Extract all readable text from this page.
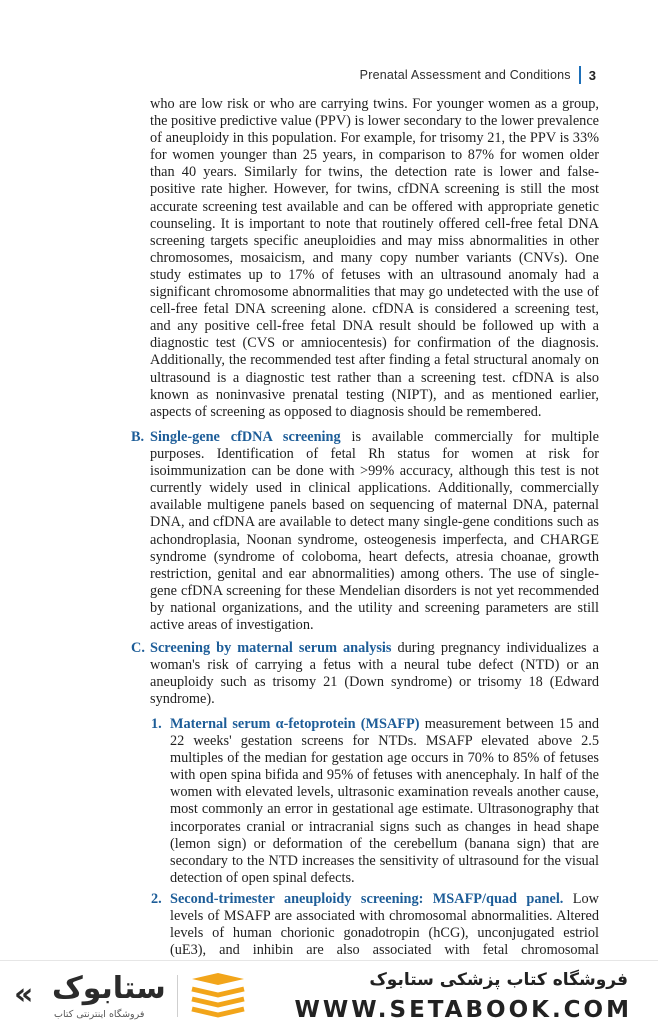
Prenatal Assessment and Conditions 3

who are low risk or who are carrying twins. For younger women as a group, the positive predictive value (PPV) is lower secondary to the lower prevalence of aneuploidy in this population. For example, for trisomy 21, the PPV is 33% for women younger than 25 years, in comparison to 87% for women older than 40 years. Similarly for twins, the detection rate is lower and false-positive rate higher. However, for twins, cfDNA screening is still the most accurate screening test available and can be offered with appropriate genetic counseling. It is important to note that routinely offered cell-free fetal DNA screening targets specific aneuploidies and may miss abnormalities in other chromosomes, mosaicism, and many copy number variants (CNVs). One study estimates up to 17% of fetuses with an ultrasound anomaly had a significant chromosome abnormalities that may go undetected with the use of cell-free fetal DNA screening alone. cfDNA is considered a screening test, and any positive cell-free fetal DNA result should be followed up with a diagnostic test (CVS or amniocentesis) for confirmation of the diagnosis. Additionally, the recommended test after finding a fetal structural anomaly on ultrasound is a diagnostic test rather than a screening test. cfDNA is also known as noninvasive prenatal testing (NIPT), and as mentioned earlier, aspects of screening as opposed to diagnosis should be remembered.

B. Single-gene cfDNA screening is available commercially for multiple purposes. Identification of fetal Rh status for women at risk for isoimmunization can be done with >99% accuracy, although this test is not currently widely used in clinical applications. Additionally, commercially available multigene panels based on sequencing of maternal DNA, paternal DNA, and cfDNA are available to detect many single-gene conditions such as achondroplasia, Noonan syndrome, osteogenesis imperfecta, and CHARGE syndrome (syndrome of coloboma, heart defects, atresia choanae, growth restriction, genital and ear abnormalities) among others. The use of single-gene cfDNA screening for these Mendelian disorders is not yet recommended by national organizations, and the utility and screening parameters are still active areas of investigation.

C. Screening by maternal serum analysis during pregnancy individualizes a woman's risk of carrying a fetus with a neural tube defect (NTD) or an aneuploidy such as trisomy 21 (Down syndrome) or trisomy 18 (Edward syndrome).

1. Maternal serum α-fetoprotein (MSAFP) measurement between 15 and 22 weeks' gestation screens for NTDs. MSAFP elevated above 2.5 multiples of the median for gestation age occurs in 70% to 85% of fetuses with open spina bifida and 95% of fetuses with anencephaly. In half of the women with elevated levels, ultrasonic examination reveals another cause, most commonly an error in gestational age estimate. Ultrasonography that incorporates cranial or intracranial signs such as changes in head shape (lemon sign) or deformation of the cerebellum (banana sign) that are secondary to the NTD increases the sensitivity of ultrasound for the visual detection of open spinal defects.

2. Second-trimester aneuploidy screening: MSAFP/quad panel. Low levels of MSAFP are associated with chromosomal abnormalities. Altered levels of human chorionic gonadotropin (hCG), unconjugated estriol (uE3), and inhibin are also associated with fetal chromosomal

« ستابوک
فروشگاه اینترنتی کتاب
فروشگاه کتاب پزشکی ستابوک
WWW.SETABOOK.COM
